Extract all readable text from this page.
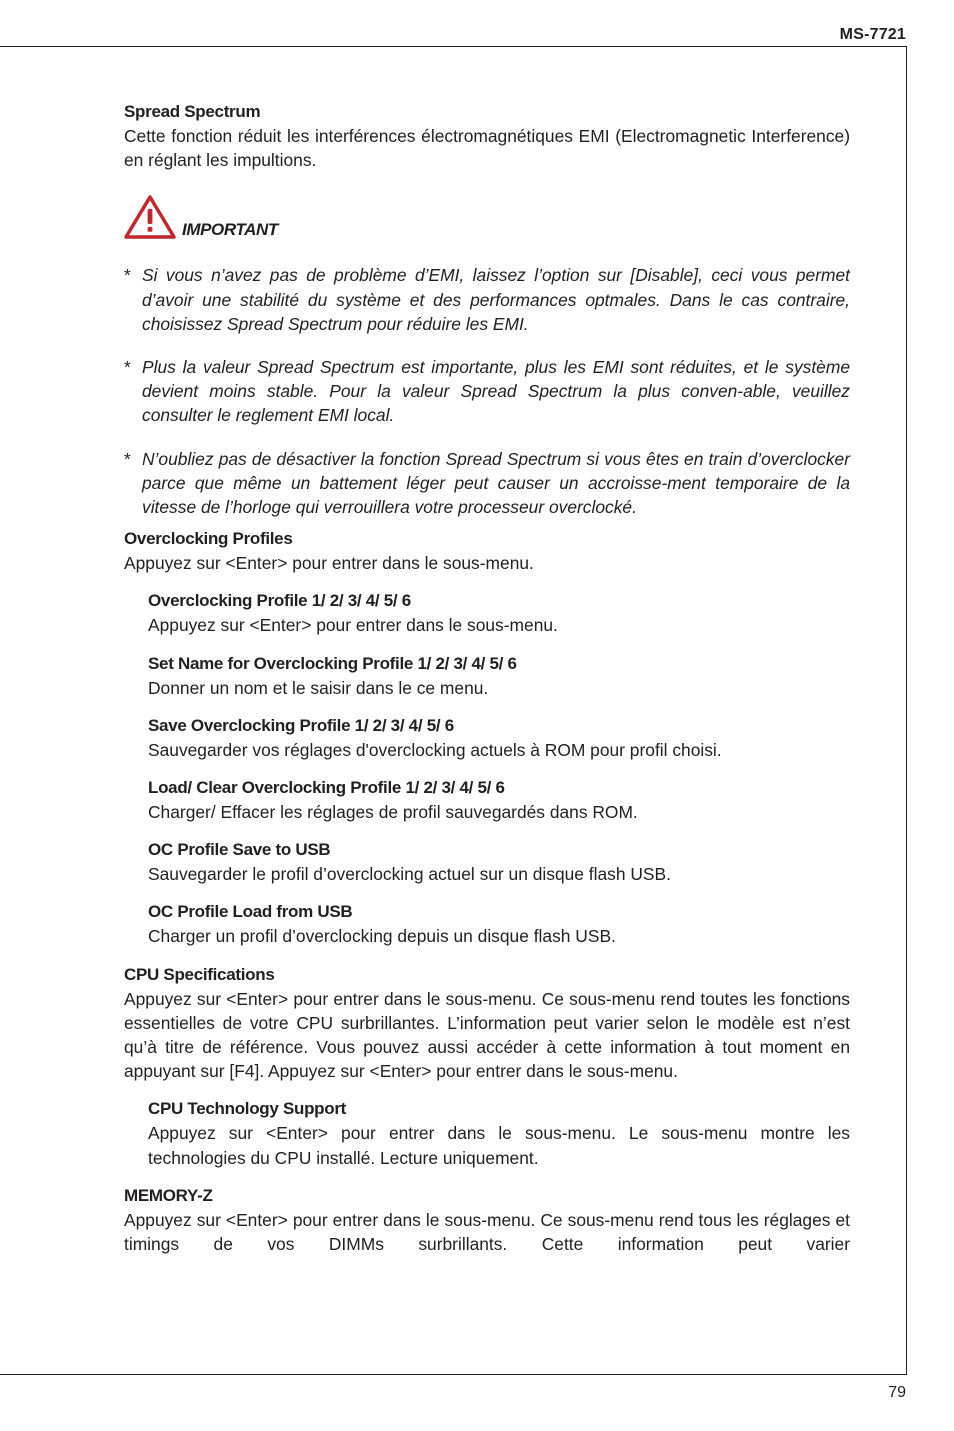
MS-7721
Spread Spectrum

Cette fonction réduit les interférences électromagnétiques EMI (Electromagnetic Interference) en réglant les impultions.

IMPORTANT
* Si vous n’avez pas de problème d’EMI, laissez l’option sur [Disable], ceci vous permet d’avoir une stabilité du système et des performances optmales. Dans le cas contraire, choisissez Spread Spectrum pour réduire les EMI.
* Plus la valeur Spread Spectrum est importante, plus les EMI sont réduites, et le système devient moins stable. Pour la valeur Spread Spectrum la plus conven-able, veuillez consulter le reglement EMI local.
* N’oubliez pas de désactiver la fonction Spread Spectrum si vous êtes en train d’overclocker parce que même un battement léger peut causer un accroisse-ment temporaire de la vitesse de l’horloge qui verrouillera votre processeur overclocké.
Overclocking Profiles

Appuyez sur <Enter> pour entrer dans le sous-menu.

Overclocking Profile 1/ 2/ 3/ 4/ 5/ 6

Appuyez sur <Enter> pour entrer dans le sous-menu.

Set Name for Overclocking Profile 1/ 2/ 3/ 4/ 5/ 6

Donner un nom et le saisir dans le ce menu.

Save Overclocking Profile 1/ 2/ 3/ 4/ 5/ 6

Sauvegarder vos réglages d'overclocking actuels à ROM pour profil choisi.

Load/ Clear Overclocking Profile 1/ 2/ 3/ 4/ 5/ 6

Charger/ Effacer les réglages de profil sauvegardés dans ROM.

OC Profile Save to USB

Sauvegarder le profil d’overclocking actuel sur un disque flash USB.

OC Profile Load from USB

Charger un profil d’overclocking depuis un disque flash USB.

CPU Specifications

Appuyez sur <Enter> pour entrer dans le sous-menu. Ce sous-menu rend toutes les fonctions essentielles de votre CPU surbrillantes. L’information peut varier selon le modèle est n’est qu’à titre de référence. Vous pouvez aussi accéder à cette information à tout moment en appuyant sur [F4]. Appuyez sur <Enter> pour entrer dans le sous-menu.

CPU Technology Support

Appuyez sur <Enter> pour entrer dans le sous-menu. Le sous-menu montre les technologies du CPU installé. Lecture uniquement.

MEMORY-Z

Appuyez sur <Enter> pour entrer dans le sous-menu. Ce sous-menu rend tous les réglages et timings de vos DIMMs surbrillants. Cette information peut varier

79
